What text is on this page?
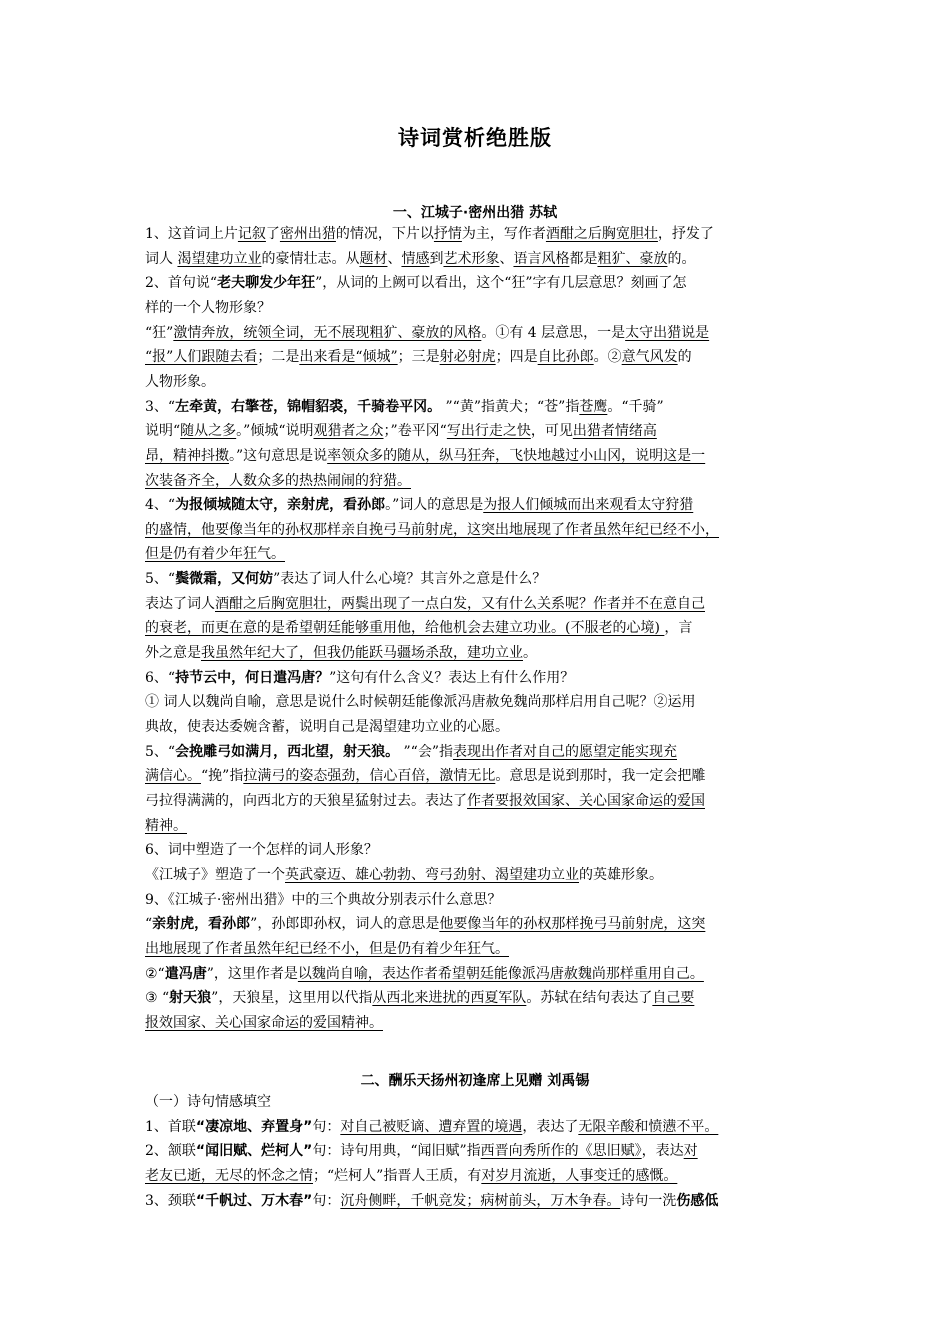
诗词赏析绝胜版
一、江城子·密州出猎 苏轼
1、这首词上片记叙了密州出猎的情况，下片以抒情为主，写作者酒酣之后胸宽胆壮，抒发了
词人 渴望建功立业的豪情壮志。从题材、情感到艺术形象、语言风格都是粗犷、豪放的。
2、首句说“老夫聊发少年狂”，从词的上阙可以看出，这个“狂”字有几层意思？刻画了怎
样的一个人物形象？
“狂”激情奔放，统领全词，无不展现粗犷、豪放的风格。①有 4 层意思，一是太守出猎说是
“报”人们跟随去看；二是出来看是“倾城”；三是射必射虎；四是自比孙郎。②意气风发的
人物形象。
3、“左牵黄，右擎苍，锦帽貂裘，千骑卷平冈。 ”“黄”指黄犬；“苍”指苍鹰。“千骑”
说明“随从之多。”倾城“说明观猎者之众；”卷平冈“写出行走之快，可见出猎者情绪高
昂，精神抖擞。”这句意思是说率领众多的随从，纵马狂奔，飞快地越过小山冈，说明这是一
次装备齐全，人数众多的热热闹闹的狩猎。
4、“为报倾城随太守，亲射虎，看孙郎。”词人的意思是为报人们倾城而出来观看太守狩猎
的盛情，他要像当年的孙权那样亲自挽弓马前射虎，这突出地展现了作者虽然年纪已经不小，
但是仍有着少年狂气。
5、“鬓微霜，又何妨”表达了词人什么心境？其言外之意是什么？
表达了词人酒酣之后胸宽胆壮，两鬓出现了一点白发，又有什么关系呢？作者并不在意自己
的衰老，而更在意的是希望朝廷能够重用他，给他机会去建立功业。(不服老的心境) ，言
外之意是我虽然年纪大了，但我仍能跃马疆场杀敌，建功立业。
6、“持节云中，何日遣冯唐？”这句有什么含义？表达上有什么作用？
① 词人以魏尚自喻，意思是说什么时候朝廷能像派冯唐赦免魏尚那样启用自己呢？②运用
典故，使表达委婉含蓄，说明自己是渴望建功立业的心愿。
5、“会挽雕弓如满月，西北望，射天狼。 ”“会”指表现出作者对自己的愿望定能实现充
满信心。“挽”指拉满弓的姿态强劲，信心百倍，激情无比。意思是说到那时，我一定会把雕
弓拉得满满的，向西北方的天狼星猛射过去。表达了作者要报效国家、关心国家命运的爱国
精神。
6、词中塑造了一个怎样的词人形象？
《江城子》塑造了一个英武豪迈、雄心勃勃、弯弓劲射、渴望建功立业的英雄形象。
9、《江城子·密州出猎》中的三个典故分别表示什么意思？
“亲射虎，看孙郎”，孙郎即孙权，词人的意思是他要像当年的孙权那样挽弓马前射虎，这突
出地展现了作者虽然年纪已经不小，但是仍有着少年狂气。
②“遣冯唐”，这里作者是以魏尚自喻，表达作者希望朝廷能像派冯唐赦魏尚那样重用自己。
③ “射天狼”，天狼星，这里用以代指从西北来进扰的西夏军队。苏轼在结句表达了自己要
报效国家、关心国家命运的爱国精神。
二、酬乐天扬州初逢席上见赠 刘禹锡
（一）诗句情感填空
1、首联“凄凉地、弃置身”句：对自己被贬谪、遭弃置的境遇，表达了无限辛酸和愤懑不平。
2、颔联“闻旧赋、烂柯人”句：诗句用典，“闻旧赋”指西晋向秀所作的《思旧赋》，表达对
老友已逝，无尽的怀念之情；“烂柯人”指晋人王质，有对岁月流逝，人事变迁的感慨。
3、颈联“千帆过、万木春”句：沉舟侧畔，千帆竞发；病树前头，万木争春。诗句一洗伤感低
